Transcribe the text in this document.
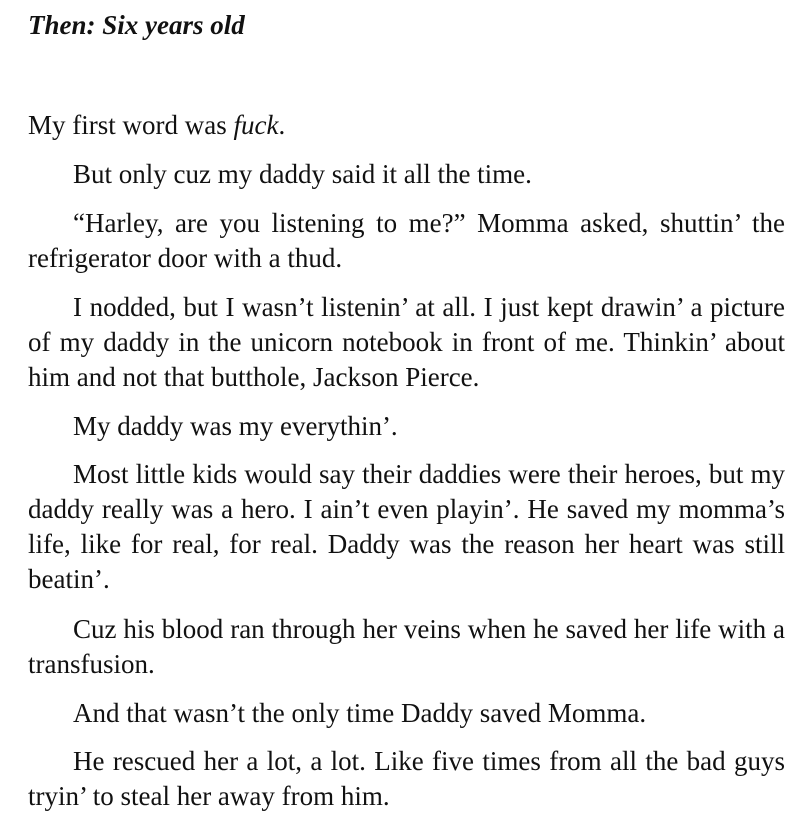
Then: Six years old

My first word was fuck.

But only cuz my daddy said it all the time.

“Harley, are you listening to me?” Momma asked, shuttin’ the refrigerator door with a thud.

I nodded, but I wasn’t listenin’ at all. I just kept drawin’ a picture of my daddy in the unicorn notebook in front of me. Thinkin’ about him and not that butthole, Jackson Pierce.

My daddy was my everythin’.

Most little kids would say their daddies were their heroes, but my daddy really was a hero. I ain’t even playin’. He saved my momma’s life, like for real, for real. Daddy was the reason her heart was still beatin’.

Cuz his blood ran through her veins when he saved her life with a transfusion.

And that wasn’t the only time Daddy saved Momma.

He rescued her a lot, a lot. Like five times from all the bad guys tryin’ to steal her away from him.
